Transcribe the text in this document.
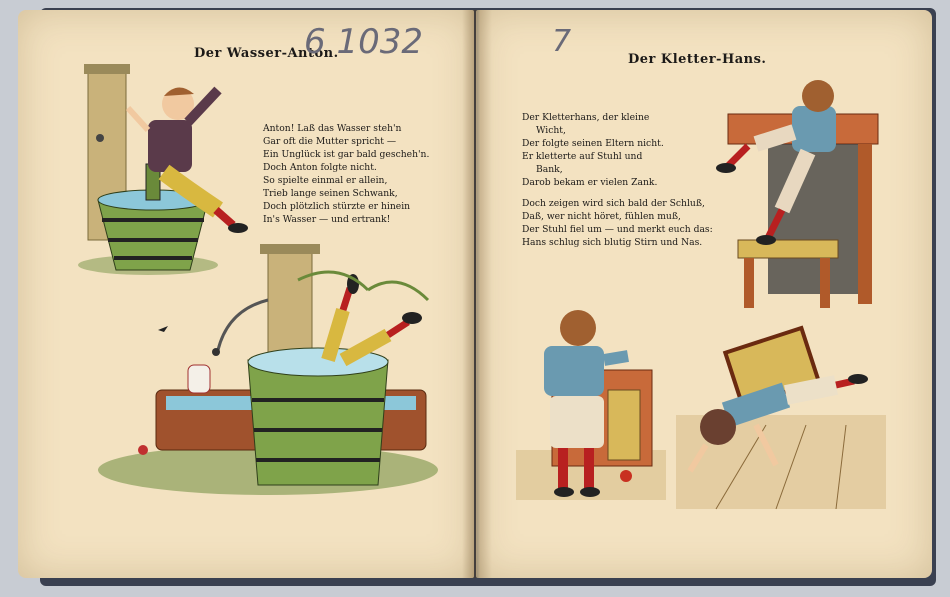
Der Wasser-Anton.
6 1032
Anton! Laß das Wasser steh'n
Gar oft die Mutter spricht —
Ein Unglück ist gar bald gescheh'n.
Doch Anton folgte nicht.
So spielte einmal er allein,
Trieb lange seinen Schwank,
Doch plötzlich stürzte er hinein
In's Wasser — und ertrank!
Der Kletter-Hans.
7
Der Kletterhans, der kleine
Wicht,
Der folgte seinen Eltern nicht.
Er kletterte auf Stuhl und
Bank,
Darob bekam er vielen Zank.
Doch zeigen wird sich bald der Schluß,
Daß, wer nicht höret, fühlen muß,
Der Stuhl fiel um — und merkt euch das:
Hans schlug sich blutig Stirn und Nas.
